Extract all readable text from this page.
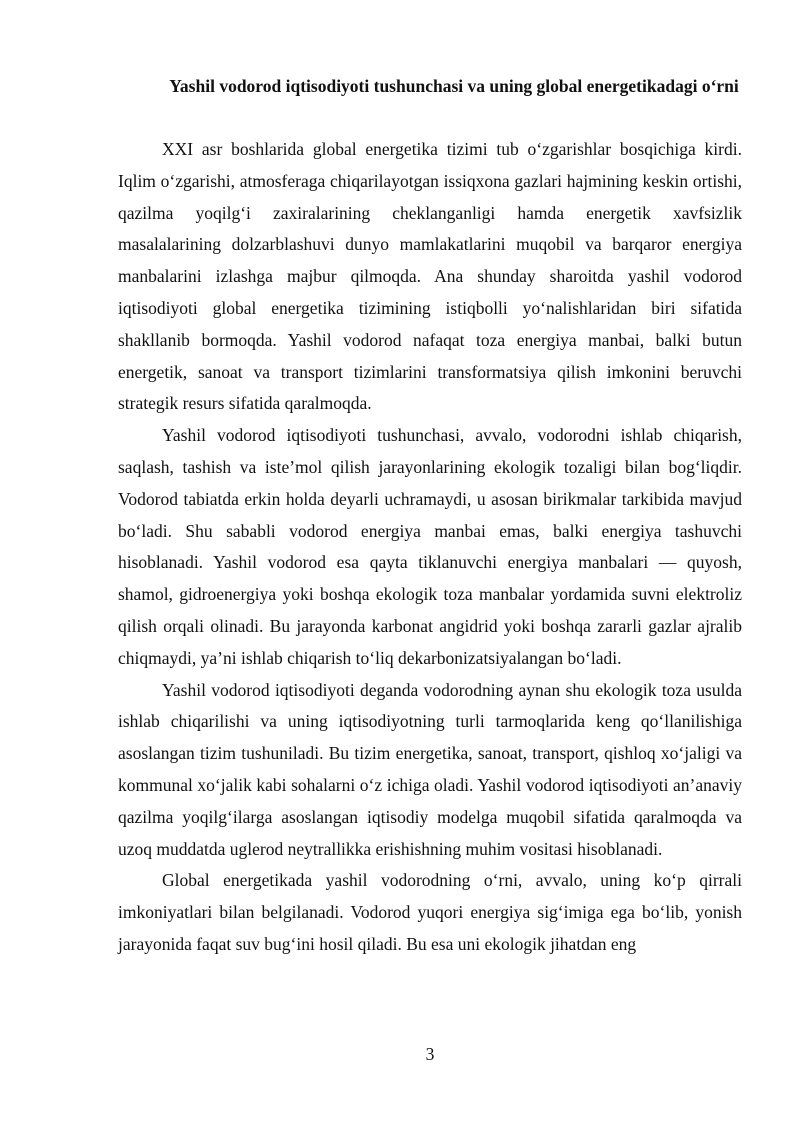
Yashil vodorod iqtisodiyoti tushunchasi va uning global energetikadagi o‘rni

XXI asr boshlarida global energetika tizimi tub o‘zgarishlar bosqichiga kirdi. Iqlim o‘zgarishi, atmosferaga chiqarilayotgan issiqxona gazlari hajmining keskin ortishi, qazilma yoqilg‘i zaxiralarining cheklanganligi hamda energetik xavfsizlik masalalarining dolzarblashuvi dunyo mamlakatlarini muqobil va barqaror energiya manbalarini izlashga majbur qilmoqda. Ana shunday sharoitda yashil vodorod iqtisodiyoti global energetika tizimining istiqbolli yo‘nalishlaridan biri sifatida shakllanib bormoqda. Yashil vodorod nafaqat toza energiya manbai, balki butun energetik, sanoat va transport tizimlarini transformatsiya qilish imkonini beruvchi strategik resurs sifatida qaralmoqda.

Yashil vodorod iqtisodiyoti tushunchasi, avvalo, vodorodni ishlab chiqarish, saqlash, tashish va iste’mol qilish jarayonlarining ekologik tozaligi bilan bog‘liqdir. Vodorod tabiatda erkin holda deyarli uchramaydi, u asosan birikmalar tarkibida mavjud bo‘ladi. Shu sababli vodorod energiya manbai emas, balki energiya tashuvchi hisoblanadi. Yashil vodorod esa qayta tiklanuvchi energiya manbalari — quyosh, shamol, gidroenergiya yoki boshqa ekologik toza manbalar yordamida suvni elektroliz qilish orqali olinadi. Bu jarayonda karbonat angidrid yoki boshqa zararli gazlar ajralib chiqmaydi, ya’ni ishlab chiqarish to‘liq dekarbonizatsiyalangan bo‘ladi.

Yashil vodorod iqtisodiyoti deganda vodorodning aynan shu ekologik toza usulda ishlab chiqarilishi va uning iqtisodiyotning turli tarmoqlarida keng qo‘llanilishiga asoslangan tizim tushuniladi. Bu tizim energetika, sanoat, transport, qishloq xo‘jaligi va kommunal xo‘jalik kabi sohalarni o‘z ichiga oladi. Yashil vodorod iqtisodiyoti an’anaviy qazilma yoqilg‘ilarga asoslangan iqtisodiy modelga muqobil sifatida qaralmoqda va uzoq muddatda uglerod neytrallikka erishishning muhim vositasi hisoblanadi.

Global energetikada yashil vodorodning o‘rni, avvalo, uning ko‘p qirrali imkoniyatlari bilan belgilanadi. Vodorod yuqori energiya sig‘imiga ega bo‘lib, yonish jarayonida faqat suv bug‘ini hosil qiladi. Bu esa uni ekologik jihatdan eng

3
